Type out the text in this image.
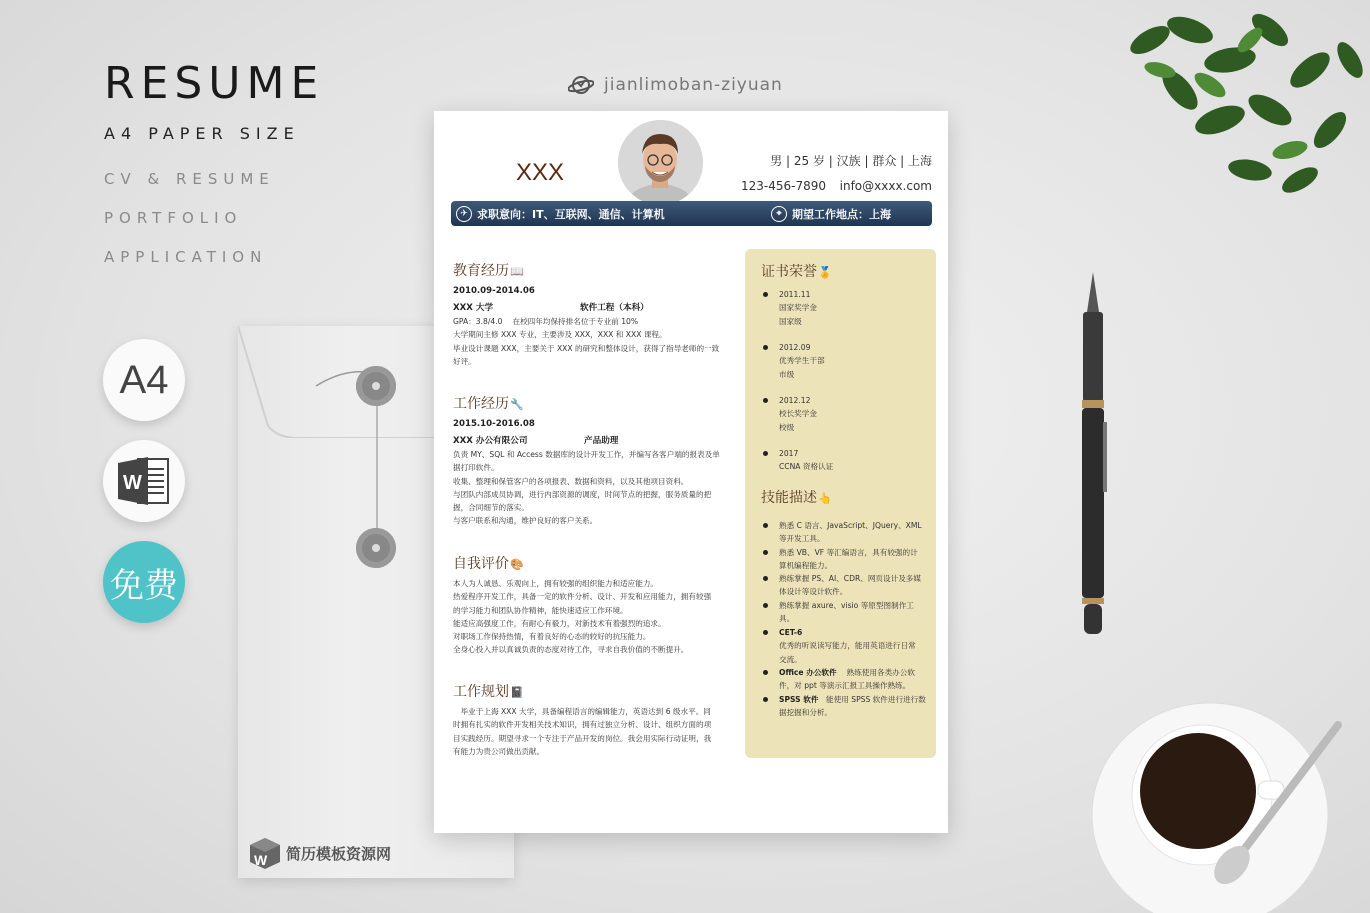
RESUME
A4 PAPER SIZE
CV & RESUME
PORTFOLIO
APPLICATION
A4
W
免费
jianlimoban-ziyuan
W 简历模板资源网
XXX	男 | 25 岁 | 汉族 | 群众 | 上海
123-456-7890 info@xxxx.com
✈ 求职意向：IT、互联网、通信、计算机	⌖ 期望工作地点：上海
教育经历📖
2010.09-2014.06
XXX 大学	软件工程（本科）
GPA：3.8/4.0　 在校四年均保持排名位于专业前 10%
大学期间主修 XXX 专业，主要涉及 XXX，XXX 和 XXX 课程。
毕业设计课题 XXX，主要关于 XXX 的研究和整体设计，获得了指导老师的一致
好评。
工作经历🔧
2015.10-2016.08
XXX 办公有限公司	产品助理
负责 MY、SQL 和 Access 数据库的设计开发工作，并编写各客户端的报表及单
据打印软件。
收集、整理和保管客户的各项报表、数据和资料，以及其他项目资料。
与团队内部成员协调，进行内部资源的调度，时间节点的把握，服务质量的把
握，合同细节的落实。
与客户联系和沟通，维护良好的客户关系。
自我评价🎨
本人为人诚恳、乐观向上，拥有较强的组织能力和适应能力。
热爱程序开发工作，具备一定的软件分析、设计、开发和应用能力，拥有较强
的学习能力和团队协作精神，能快速适应工作环境。
能适应高强度工作，有耐心有毅力，对新技术有着强烈的追求。
对职场工作保持热情，有着良好的心态的较好的抗压能力。
全身心投入并以真诚负责的态度对待工作，寻求自我价值的不断提升。
工作规划📓
　毕业于上海 XXX 大学，具备编程语言的编辑能力，英语达到 6 级水平。同
时拥有扎实的软件开发相关技术知识，拥有过独立分析、设计、组织方面的项
目实践经历。期望寻求一个专注于产品开发的岗位。我会用实际行动证明，我
有能力为贵公司做出贡献。
证书荣誉🏅
2011.11
国家奖学金
国家级
2012.09
优秀学生干部
市级
2012.12
校长奖学金
校级
2017
CCNA 资格认证
技能描述👆
熟悉 C 语言、JavaScript、JQuery、XML
等开发工具。
熟悉 VB、VF 等汇编语言，具有较强的计
算机编程能力。
熟练掌握 PS、AI、CDR、网页设计及多媒
体设计等设计软件。
熟练掌握 axure、visio 等原型图制作工
具。
CET-6
优秀的听说读写能力，能用英语进行日常
交流。
Office 办公软件　 熟练使用各类办公软
件，对 ppt 等演示汇报工具操作熟练。
SPSS 软件　能使用 SPSS 软件进行进行数
据挖掘和分析。
